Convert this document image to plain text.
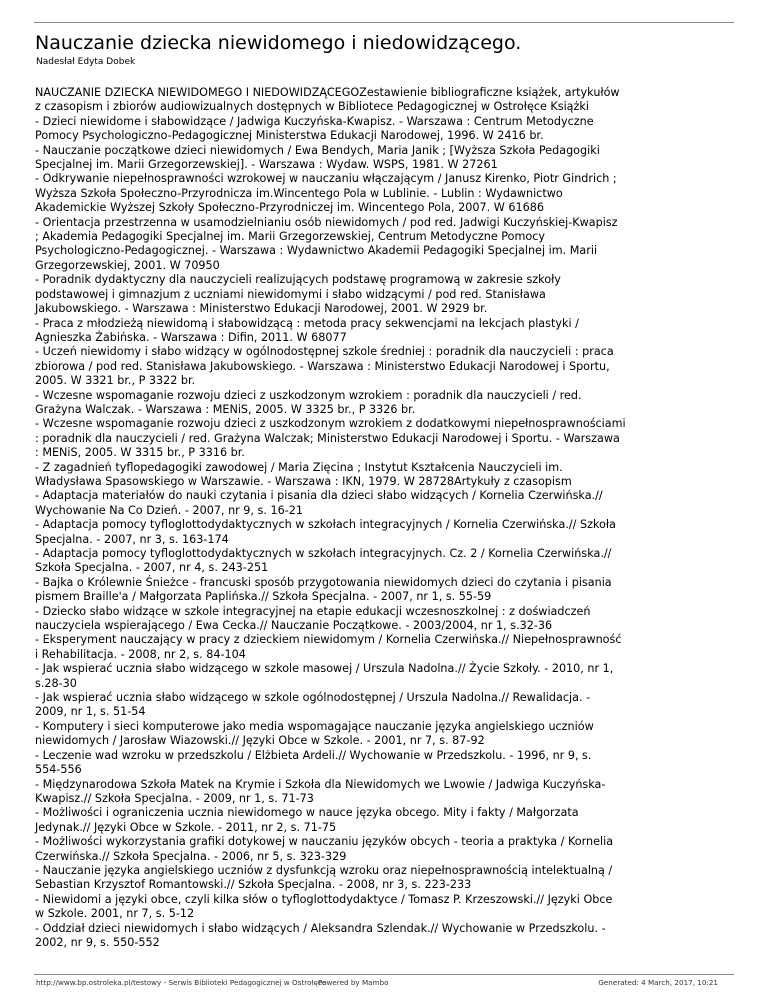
Nauczanie dziecka niewidomego i niedowidzącego.
Nadesłał Edyta Dobek
NAUCZANIE DZIECKA NIEWIDOMEGO I NIEDOWIDZĄCEGOZestawienie bibliograficzne książek, artykułów
z czasopism i zbiorów audiowizualnych dostępnych w Bibliotece Pedagogicznej w Ostrołęce Książki
- Dzieci niewidome i słabowidzące / Jadwiga Kuczyńska-Kwapisz. - Warszawa : Centrum Metodyczne
Pomocy Psychologiczno-Pedagogicznej Ministerstwa Edukacji Narodowej, 1996. W 2416 br.
- Nauczanie początkowe dzieci niewidomych / Ewa Bendych, Maria Janik ; [Wyższa Szkoła Pedagogiki
Specjalnej im. Marii Grzegorzewskiej]. - Warszawa : Wydaw. WSPS, 1981. W 27261
- Odkrywanie niepełnosprawności wzrokowej w nauczaniu włączającym / Janusz Kirenko, Piotr Gindrich ;
Wyższa Szkoła Społeczno-Przyrodnicza im.Wincentego Pola w Lublinie. - Lublin : Wydawnictwo
Akademickie Wyższej Szkoły Społeczno-Przyrodniczej im. Wincentego Pola, 2007. W 61686
- Orientacja przestrzenna w usamodzielnianiu osób niewidomych / pod red. Jadwigi Kuczyńskiej-Kwapisz
; Akademia Pedagogiki Specjalnej im. Marii Grzegorzewskiej, Centrum Metodyczne Pomocy
Psychologiczno-Pedagogicznej. - Warszawa : Wydawnictwo Akademii Pedagogiki Specjalnej im. Marii
Grzegorzewskiej, 2001. W 70950
- Poradnik dydaktyczny dla nauczycieli realizujących podstawę programową w zakresie szkoły
podstawowej i gimnazjum z uczniami niewidomymi i słabo widzącymi / pod red. Stanisława
Jakubowskiego. - Warszawa : Ministerstwo Edukacji Narodowej, 2001. W 2929 br.
- Praca z młodzieżą niewidomą i słabowidzącą : metoda pracy sekwencjami na lekcjach plastyki /
Agnieszka Żabińska. - Warszawa : Difin, 2011. W 68077
- Uczeń niewidomy i słabo widzący w ogólnodostępnej szkole średniej : poradnik dla nauczycieli : praca
zbiorowa / pod red. Stanisława Jakubowskiego. - Warszawa : Ministerstwo Edukacji Narodowej i Sportu,
2005. W 3321 br., P 3322 br.
- Wczesne wspomaganie rozwoju dzieci z uszkodzonym wzrokiem : poradnik dla nauczycieli / red.
Grażyna Walczak. - Warszawa : MENiS, 2005. W 3325 br., P 3326 br.
- Wczesne wspomaganie rozwoju dzieci z uszkodzonym wzrokiem z dodatkowymi niepełnosprawnościami
: poradnik dla nauczycieli / red. Grażyna Walczak; Ministerstwo Edukacji Narodowej i Sportu. - Warszawa
: MENiS, 2005. W 3315 br., P 3316 br.
- Z zagadnień tyflopedagogiki zawodowej / Maria Zięcina ; Instytut Kształcenia Nauczycieli im.
Władysława Spasowskiego w Warszawie. - Warszawa : IKN, 1979. W 28728Artykuły z czasopism
- Adaptacja materiałów do nauki czytania i pisania dla dzieci słabo widzących / Kornelia Czerwińska.//
Wychowanie Na Co Dzień. - 2007, nr 9, s. 16-21
- Adaptacja pomocy tyfloglottodydaktycznych w szkołach integracyjnych / Kornelia Czerwińska.// Szkoła
Specjalna. - 2007, nr 3, s. 163-174
- Adaptacja pomocy tyfloglottodydaktycznych w szkołach integracyjnych. Cz. 2 / Kornelia Czerwińska.//
Szkoła Specjalna. - 2007, nr 4, s. 243-251
- Bajka o Królewnie Śnieżce - francuski sposób przygotowania niewidomych dzieci do czytania i pisania
pismem Braille'a / Małgorzata Paplińska.// Szkoła Specjalna. - 2007, nr 1, s. 55-59
- Dziecko słabo widzące w szkole integracyjnej na etapie edukacji wczesnoszkolnej : z doświadczeń
nauczyciela wspierającego / Ewa Cecka.// Nauczanie Początkowe. - 2003/2004, nr 1, s.32-36
- Eksperyment nauczający w pracy z dzieckiem niewidomym / Kornelia Czerwińska.// Niepełnosprawność
i Rehabilitacja. - 2008, nr 2, s. 84-104
- Jak wspierać ucznia słabo widzącego w szkole masowej / Urszula Nadolna.// Życie Szkoły. - 2010, nr 1,
s.28-30
- Jak wspierać ucznia słabo widzącego w szkole ogólnodostępnej / Urszula Nadolna.// Rewalidacja. -
2009, nr 1, s. 51-54
- Komputery i sieci komputerowe jako media wspomagające nauczanie języka angielskiego uczniów
niewidomych / Jarosław Wiazowski.// Języki Obce w Szkole. - 2001, nr 7, s. 87-92
- Leczenie wad wzroku w przedszkolu / Elżbieta Ardeli.// Wychowanie w Przedszkolu. - 1996, nr 9, s.
554-556
- Międzynarodowa Szkoła Matek na Krymie i Szkoła dla Niewidomych we Lwowie / Jadwiga Kuczyńska-
Kwapisz.// Szkoła Specjalna. - 2009, nr 1, s. 71-73
- Możliwości i ograniczenia ucznia niewidomego w nauce języka obcego. Mity i fakty / Małgorzata
Jedynak.// Języki Obce w Szkole. - 2011, nr 2, s. 71-75
- Możliwości wykorzystania grafiki dotykowej w nauczaniu języków obcych - teoria a praktyka / Kornelia
Czerwińska.// Szkoła Specjalna. - 2006, nr 5, s. 323-329
- Nauczanie języka angielskiego uczniów z dysfunkcją wzroku oraz niepełnosprawnością intelektualną /
Sebastian Krzysztof Romantowski.// Szkoła Specjalna. - 2008, nr 3, s. 223-233
- Niewidomi a języki obce, czyli kilka słów o tyfloglottodydaktyce / Tomasz P. Krzeszowski.// Języki Obce
w Szkole. 2001, nr 7, s. 5-12
- Oddział dzieci niewidomych i słabo widzących / Aleksandra Szlendak.// Wychowanie w Przedszkolu. -
2002, nr 9, s. 550-552
http://www.bp.ostroleka.pl/testowy - Serwis Biblioteki Pedagogicznej w Ostrołęce
Powered by Mambo	Generated: 4 March, 2017, 10:21
